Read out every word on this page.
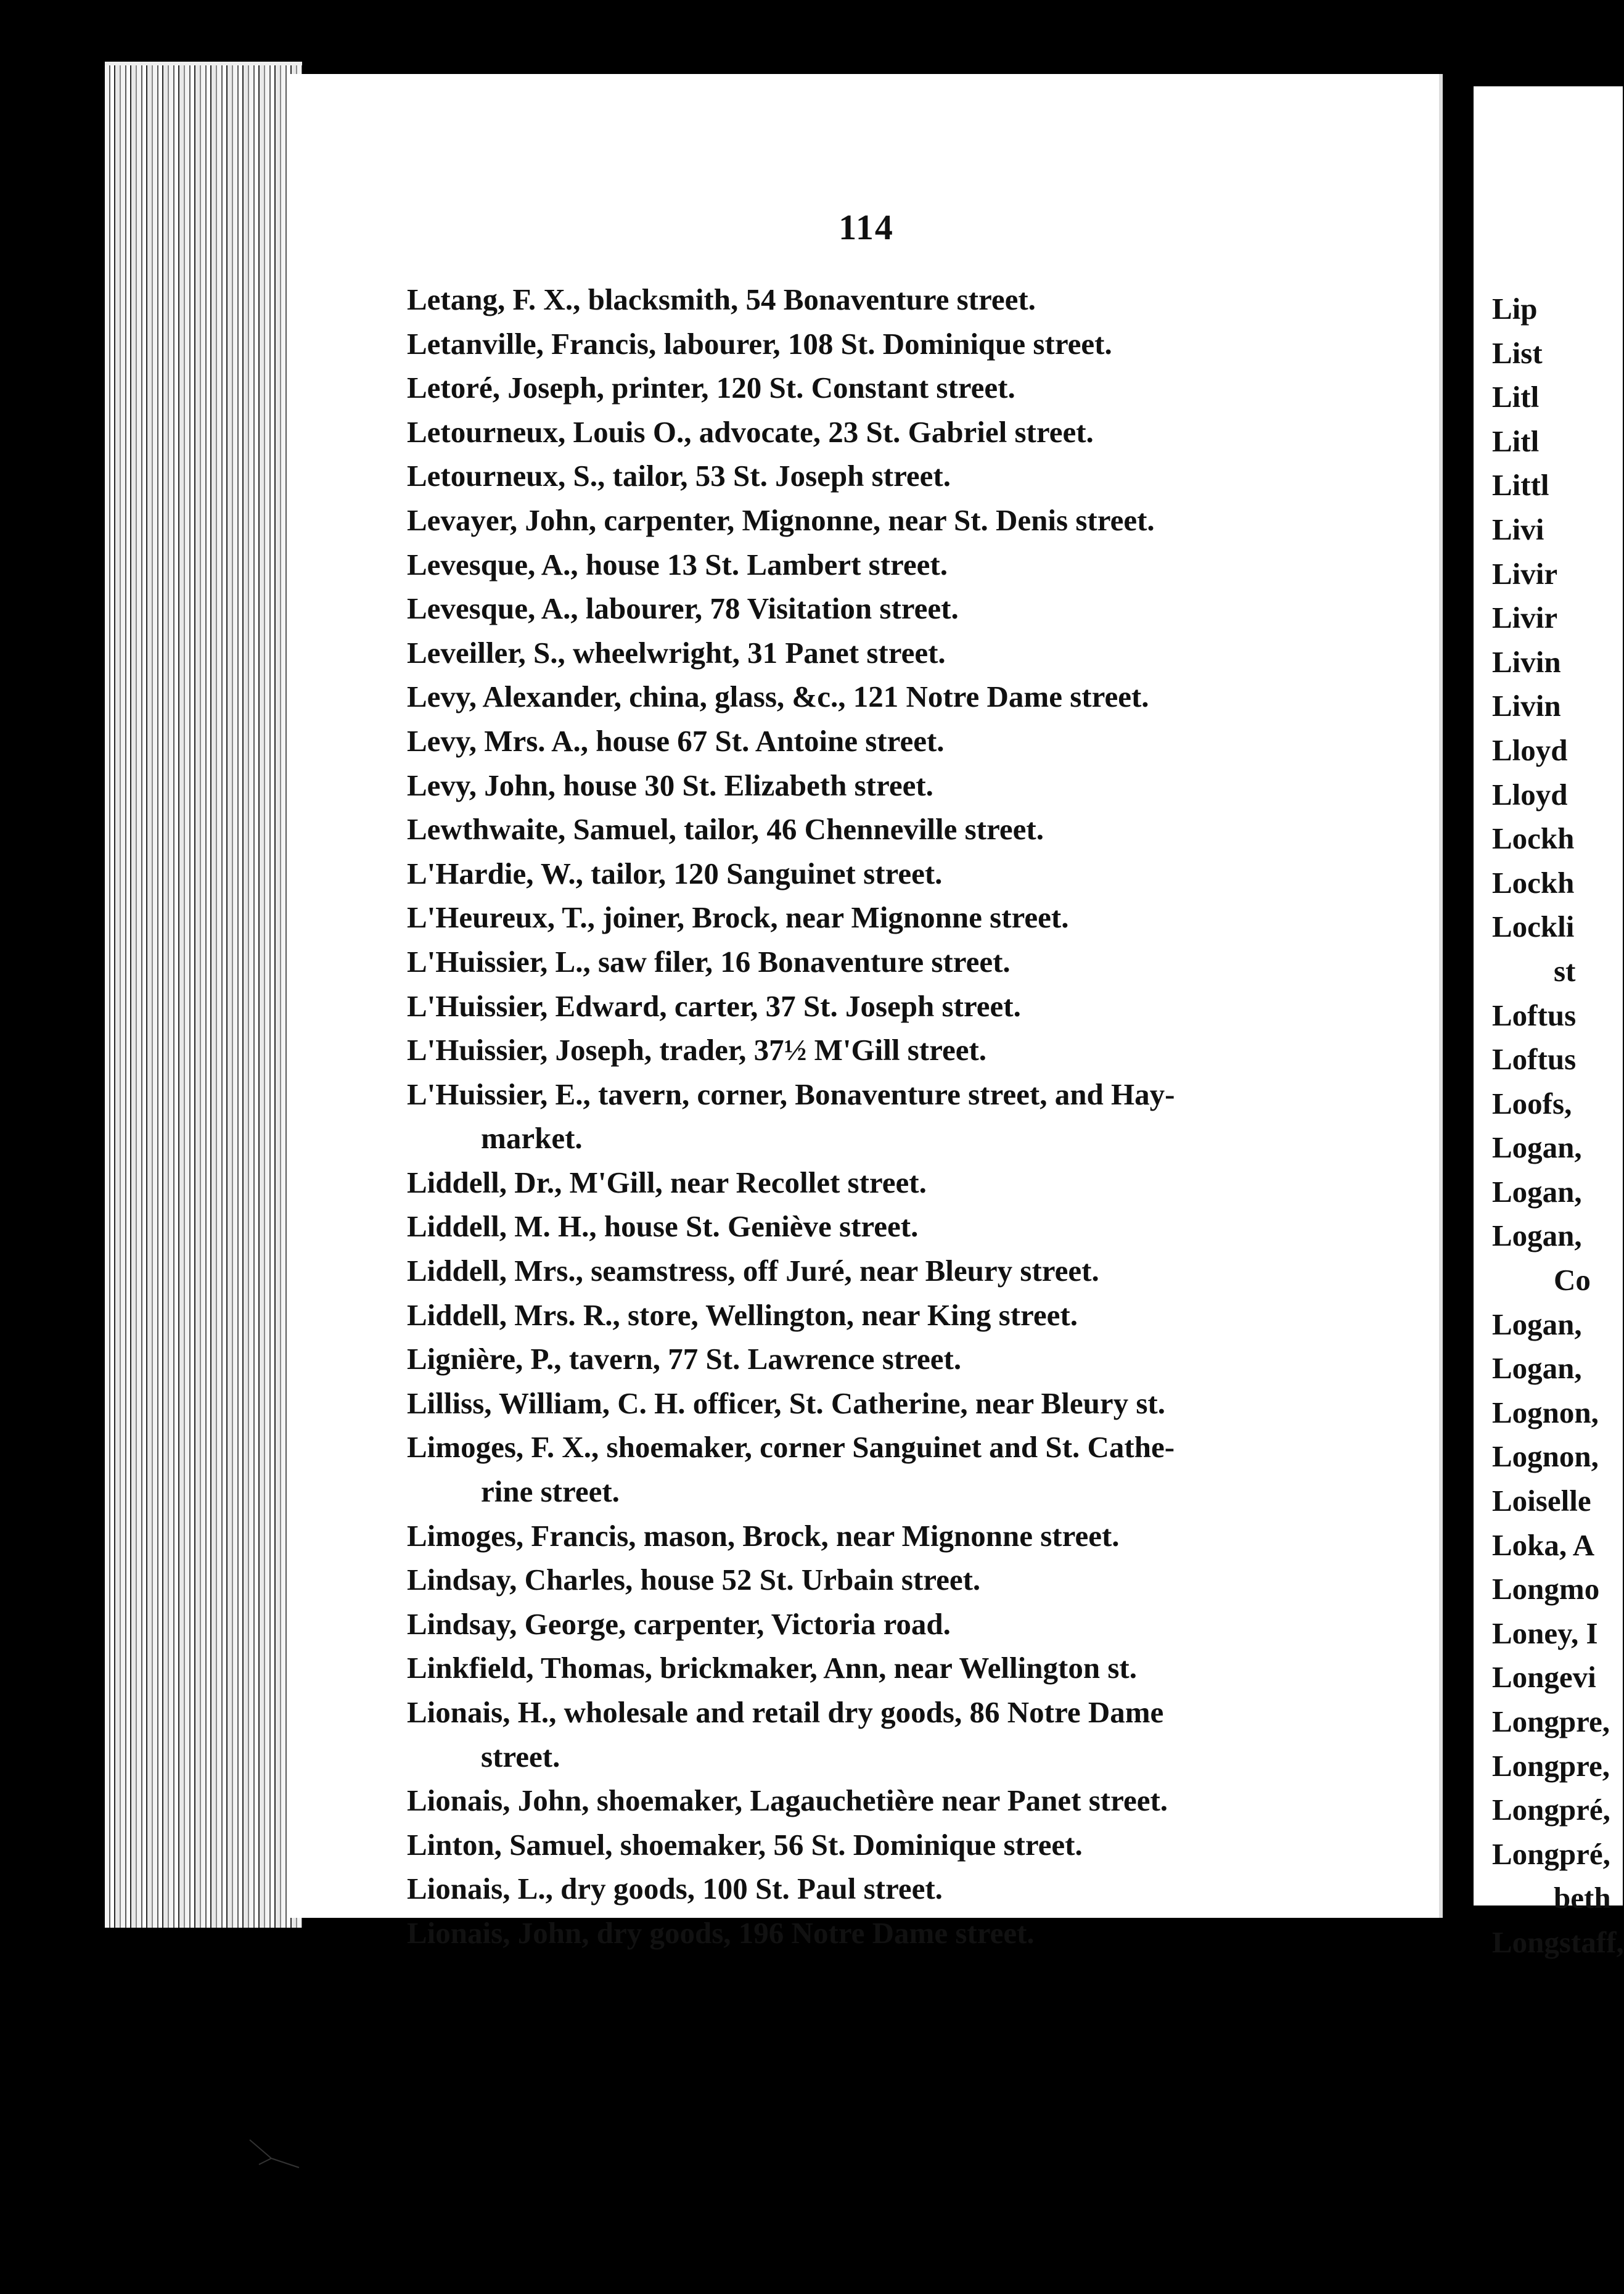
114
Letang, F. X., blacksmith, 54 Bonaventure street.
Letanville, Francis, labourer, 108 St. Dominique street.
Letoré, Joseph, printer, 120 St. Constant street.
Letourneux, Louis O., advocate, 23 St. Gabriel street.
Letourneux, S., tailor, 53 St. Joseph street.
Levayer, John, carpenter, Mignonne, near St. Denis street.
Levesque, A., house 13 St. Lambert street.
Levesque, A., labourer, 78 Visitation street.
Leveiller, S., wheelwright, 31 Panet street.
Levy, Alexander, china, glass, &c., 121 Notre Dame street.
Levy, Mrs. A., house 67 St. Antoine street.
Levy, John, house 30 St. Elizabeth street.
Lewthwaite, Samuel, tailor, 46 Chenneville street.
L'Hardie, W., tailor, 120 Sanguinet street.
L'Heureux, T., joiner, Brock, near Mignonne street.
L'Huissier, L., saw filer, 16 Bonaventure street.
L'Huissier, Edward, carter, 37 St. Joseph street.
L'Huissier, Joseph, trader, 37½ M'Gill street.
L'Huissier, E., tavern, corner, Bonaventure street, and Hay-
market.
Liddell, Dr., M'Gill, near Recollet street.
Liddell, M. H., house St. Geniève street.
Liddell, Mrs., seamstress, off Juré, near Bleury street.
Liddell, Mrs. R., store, Wellington, near King street.
Lignière, P., tavern, 77 St. Lawrence street.
Lilliss, William, C. H. officer, St. Catherine, near Bleury st.
Limoges, F. X., shoemaker, corner Sanguinet and St. Cathe-
rine street.
Limoges, Francis, mason, Brock, near Mignonne street.
Lindsay, Charles, house 52 St. Urbain street.
Lindsay, George, carpenter, Victoria road.
Linkfield, Thomas, brickmaker, Ann, near Wellington st.
Lionais, H., wholesale and retail dry goods, 86 Notre Dame
street.
Lionais, John, shoemaker, Lagauchetière near Panet street.
Linton, Samuel, shoemaker, 56 St. Dominique street.
Lionais, L., dry goods, 100 St. Paul street.
Lionais, John, dry goods, 196 Notre Dame street.
Lip
List
Litl
Litl
Littl
Livi
Livir
Livir
Livin
Livin
Lloyd
Lloyd
Lockh
Lockh
Lockli
st
Loftus
Loftus
Loofs,
Logan,
Logan,
Logan,
Co
Logan,
Logan,
Lognon,
Lognon,
Loiselle
Loka, A
Longmo
Loney, I
Longevi
Longpre,
Longpre,
Longpré,
Longpré,
beth
Longstaff,
